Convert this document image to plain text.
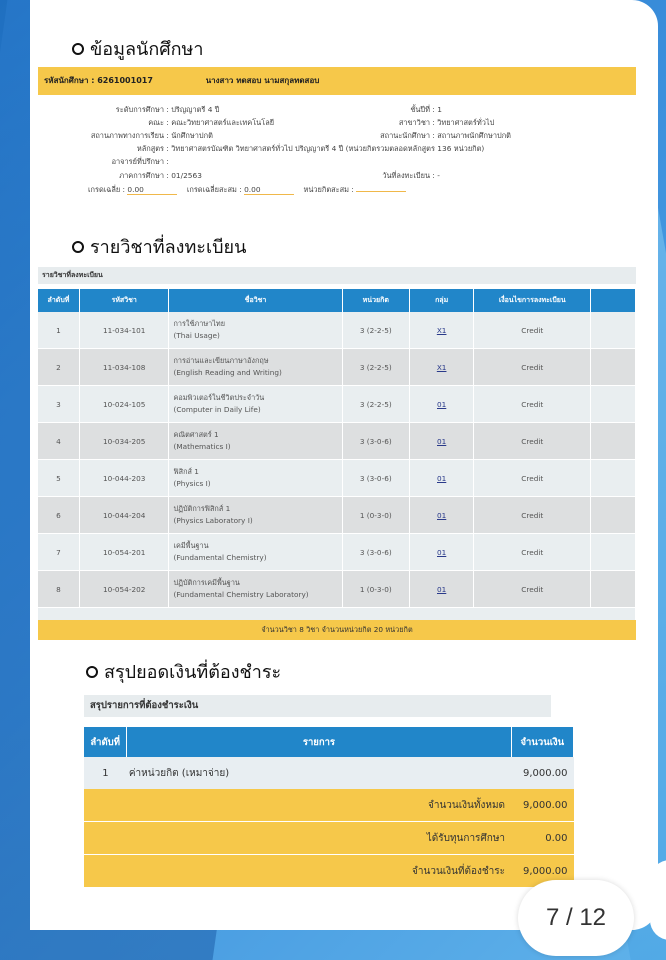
ข้อมูลนักศึกษา
รหัสนักศึกษา : 6261001017	นางสาว ทดสอบ นามสกุลทดสอบ
ระดับการศึกษา : ปริญญาตรี 4 ปี	ชั้นปีที่ : 1
คณะ : คณะวิทยาศาสตร์และเทคโนโลยี	สาขาวิชา : วิทยาศาสตร์ทั่วไป
สถานภาพทางการเรียน : นักศึกษาปกติ	สถานะนักศึกษา : สถานภาพนักศึกษาปกติ
หลักสูตร : วิทยาศาสตรบัณฑิต วิทยาศาสตร์ทั่วไป ปริญญาตรี 4 ปี (หน่วยกิตรวมตลอดหลักสูตร 136 หน่วยกิต)
อาจารย์ที่ปรึกษา :
ภาคการศึกษา : 01/2563	วันที่ลงทะเบียน : -
เกรดเฉลี่ย : 0.00	เกรดเฉลี่ยสะสม : 0.00	หน่วยกิตสะสม :
รายวิชาที่ลงทะเบียน
รายวิชาที่ลงทะเบียน
ลำดับที่	รหัสวิชา	ชื่อวิชา	หน่วยกิต	กลุ่ม	เงื่อนไขการลงทะเบียน	
1	11-034-101	การใช้ภาษาไทย
(Thai Usage)	3 (2-2-5)	X1	Credit	
2	11-034-108	การอ่านและเขียนภาษาอังกฤษ
(English Reading and Writing)	3 (2-2-5)	X1	Credit	
3	10-024-105	คอมพิวเตอร์ในชีวิตประจำวัน
(Computer in Daily Life)	3 (2-2-5)	01	Credit	
4	10-034-205	คณิตศาสตร์ 1
(Mathematics I)	3 (3-0-6)	01	Credit	
5	10-044-203	ฟิสิกส์ 1
(Physics I)	3 (3-0-6)	01	Credit	
6	10-044-204	ปฏิบัติการฟิสิกส์ 1
(Physics Laboratory I)	1 (0-3-0)	01	Credit	
7	10-054-201	เคมีพื้นฐาน
(Fundamental Chemistry)	3 (3-0-6)	01	Credit	
8	10-054-202	ปฏิบัติการเคมีพื้นฐาน
(Fundamental Chemistry Laboratory)	1 (0-3-0)	01	Credit	

จำนวนวิชา 8 วิชา จำนวนหน่วยกิต 20 หน่วยกิต
สรุปยอดเงินที่ต้องชำระ
สรุปรายการที่ต้องชำระเงิน
ลำดับที่	รายการ	จำนวนเงิน
1	ค่าหน่วยกิต (เหมาจ่าย)	9,000.00
จำนวนเงินทั้งหมด		9,000.00
ได้รับทุนการศึกษา		0.00
จำนวนเงินที่ต้องชำระ		9,000.00
7 / 12
